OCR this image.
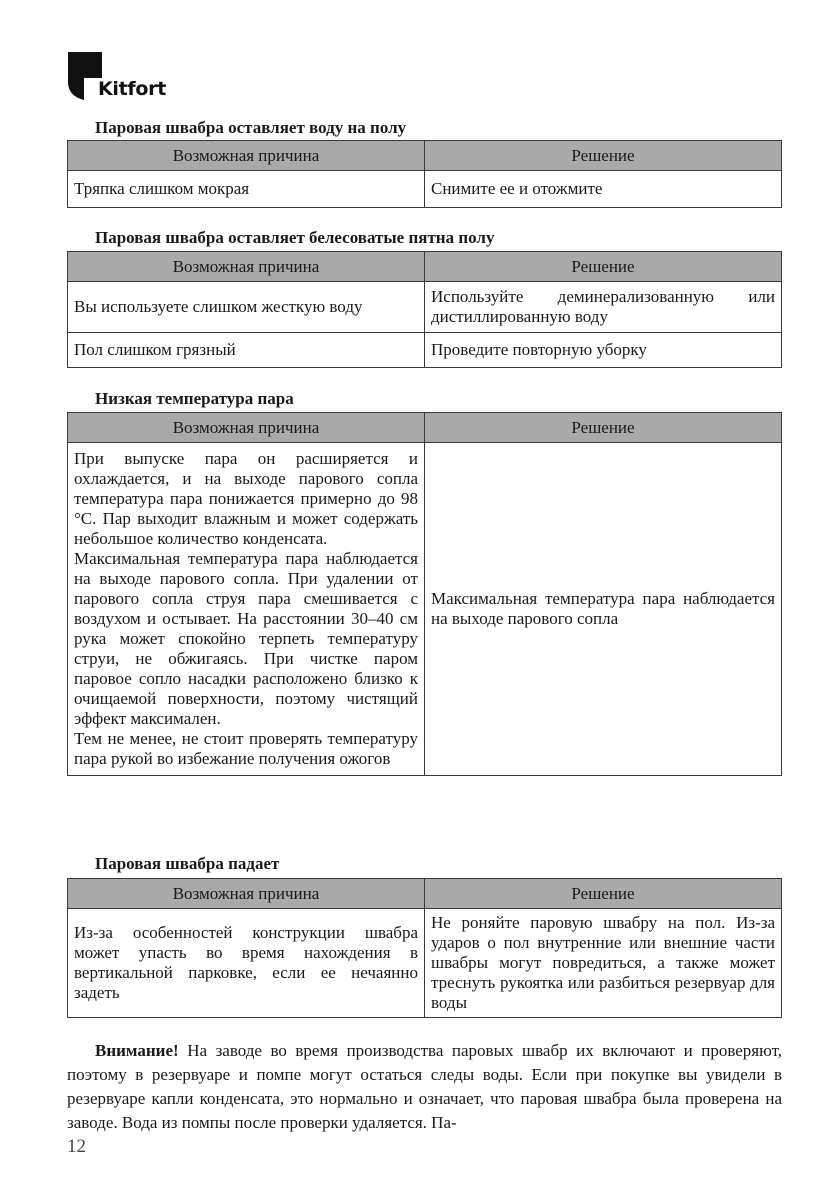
Kitfort
Паровая швабра оставляет воду на полу
Возможная причина	Решение
Тряпка слишком мокрая	Снимите ее и отожмите
Паровая швабра оставляет белесоватые пятна полу
Возможная причина	Решение
Вы используете слишком жесткую воду	Используйте деминерализованную или дистиллированную воду
Пол слишком грязный	Проведите повторную уборку
Низкая температура пара
Возможная причина	Решение
При выпуске пара он расширяется и охлаждается, и на выходе парового сопла температура пара понижается примерно до 98 °С. Пар выходит влажным и может содержать небольшое количество конденсата.
Максимальная температура пара наблюдается на выходе парового сопла. При удалении от парового сопла струя пара смешивается с воздухом и остывает. На расстоянии 30–40 см рука может спокойно терпеть температуру струи, не обжигаясь. При чистке паром паровое сопло насадки расположено близко к очищаемой поверхности, поэтому чистящий эффект максимален.
Тем не менее, не стоит проверять температуру пара рукой во избежание получения ожогов	Максимальная температура пара наблюдается на выходе парового сопла
Паровая швабра падает
Возможная причина	Решение
Из-за особенностей конструкции швабра может упасть во время нахождения в вертикальной парковке, если ее нечаянно задеть	Не роняйте паровую швабру на пол. Из-за ударов о пол внутренние или внешние части швабры могут повредиться, а также может треснуть рукоятка или разбиться резервуар для воды
Внимание! На заводе во время производства паровых швабр их включают и проверяют, поэтому в резервуаре и помпе могут остаться следы воды. Если при покупке вы увидели в резервуаре капли конденсата, это нормально и означает, что паровая швабра была проверена на заводе. Вода из помпы после проверки удаляется. Па-
12
